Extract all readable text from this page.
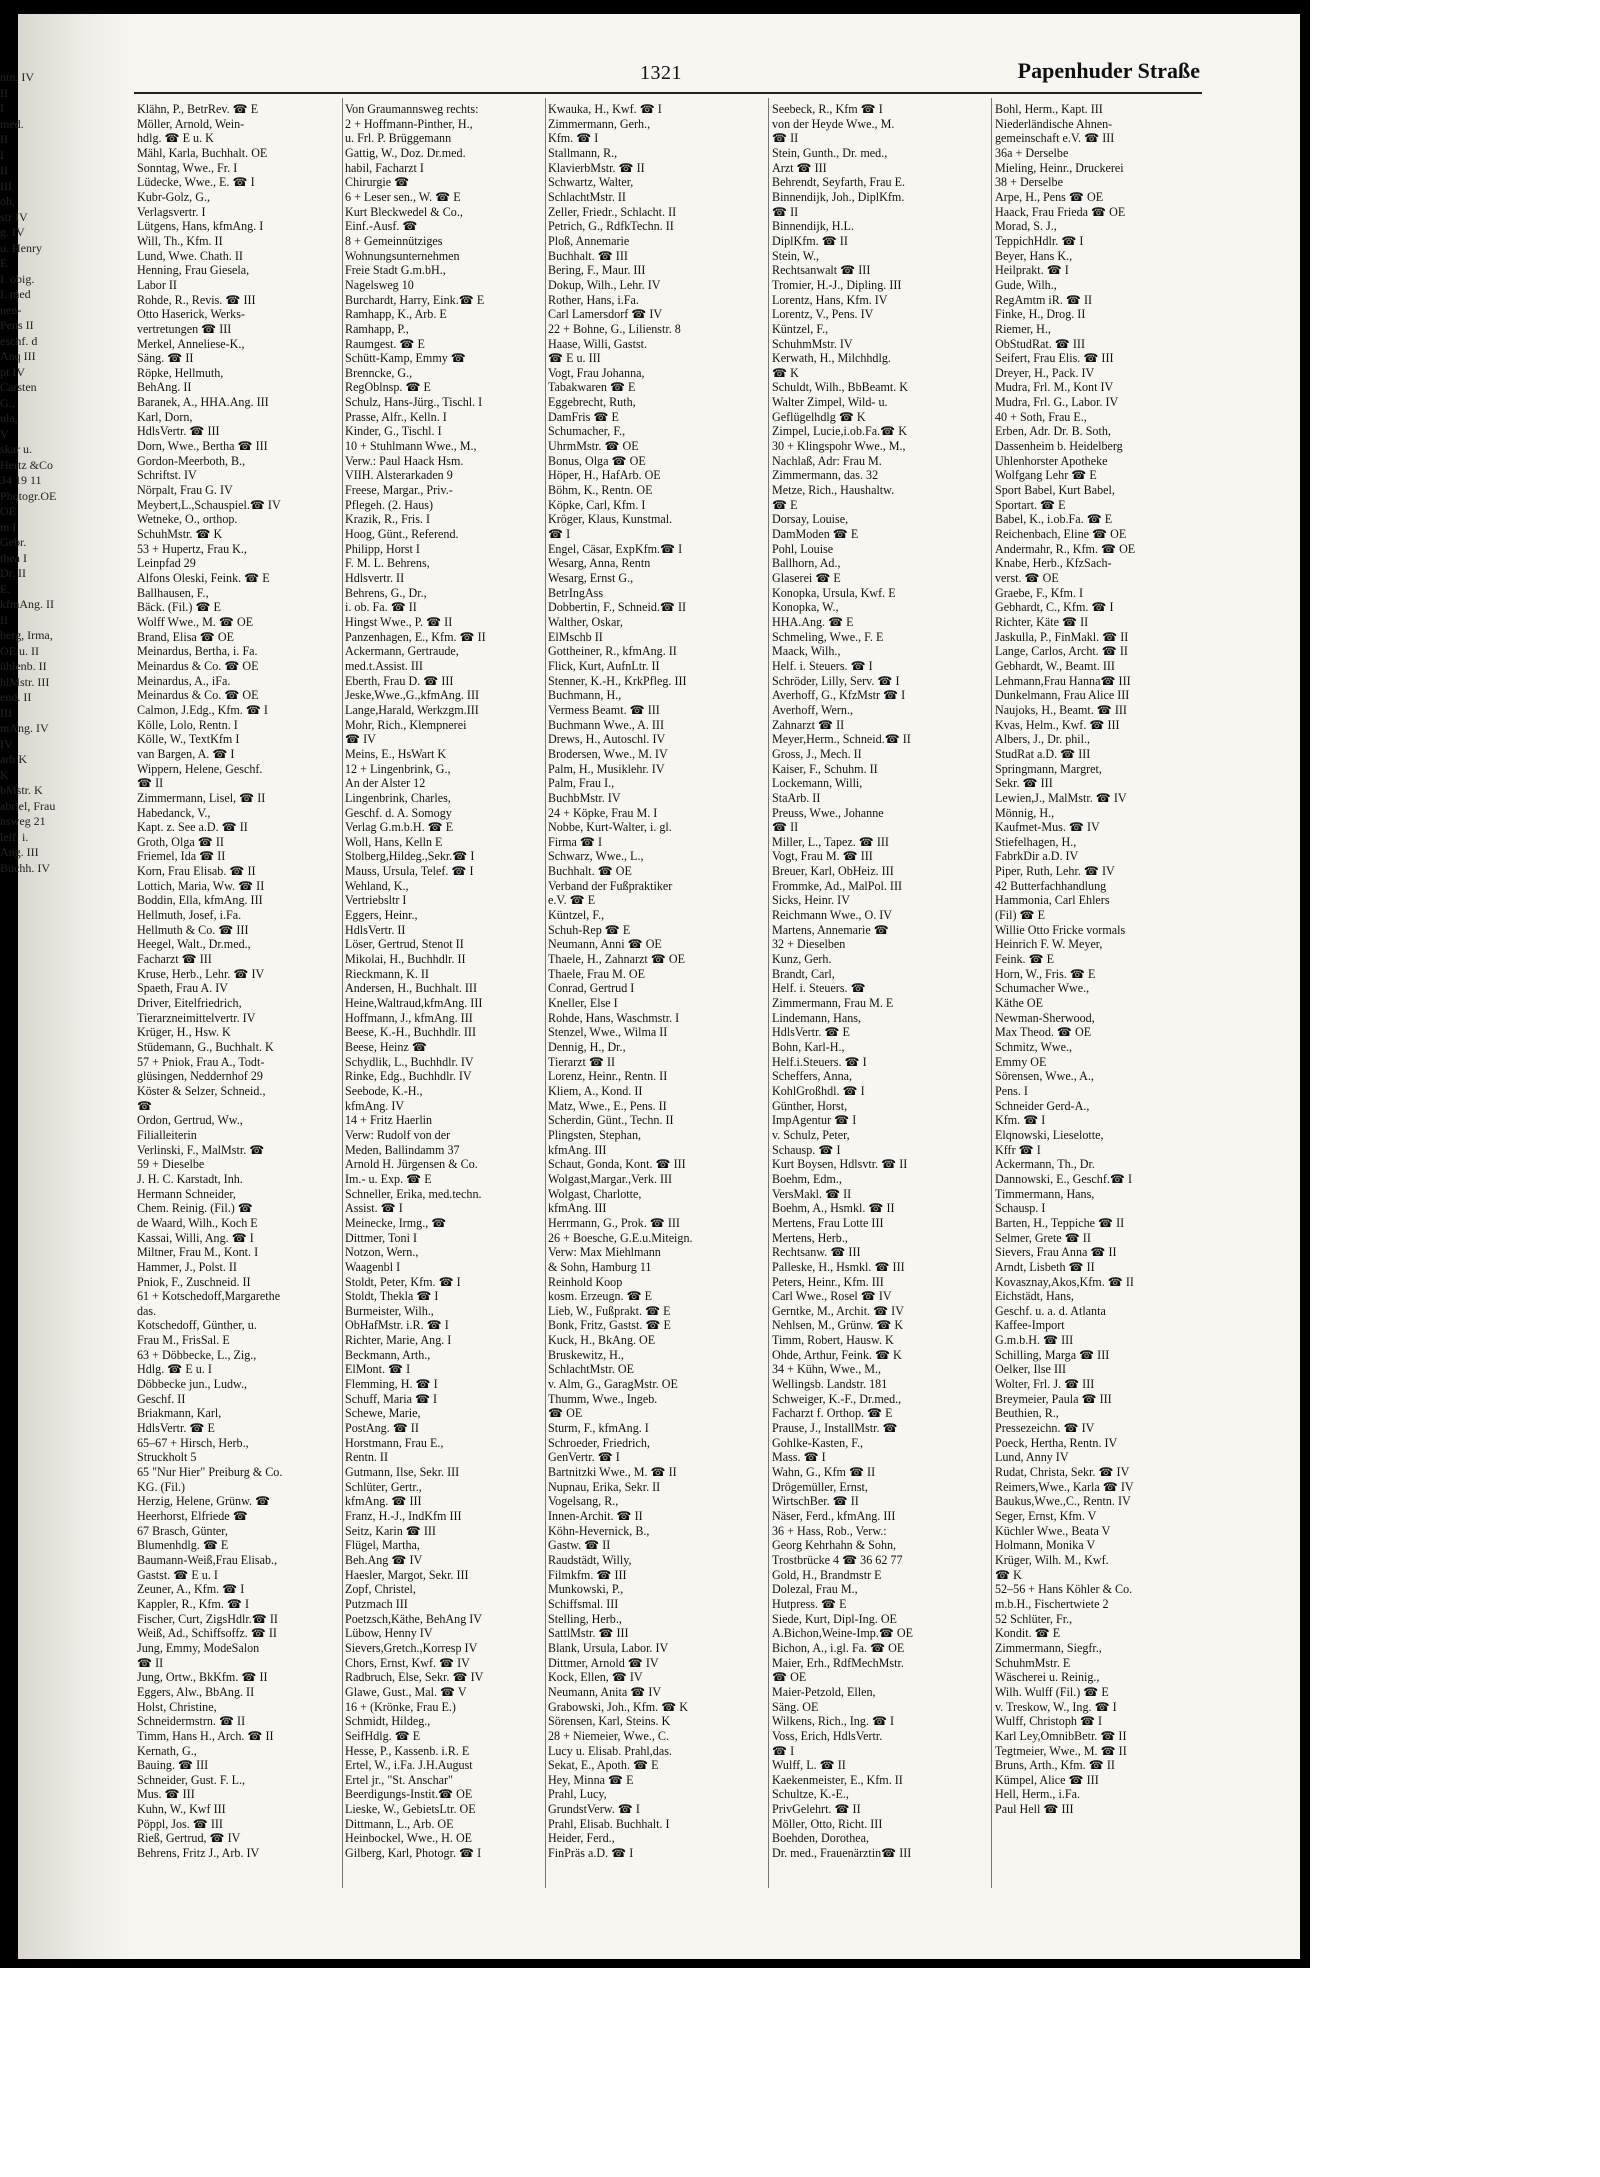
ntn. IV
II
I
med.
II
I
II
III
oh,
str IV
g. IV
u. Henry
E
I. obig.
I. med
nen-
Pens II
eschf. d
Anq III
pt IV
Carsten
G.,
ula,
V
skar u.
Hertz &Co
34 19 11
Photogr.OE
OE
m I
Gebr.
thea I
Dr. II
E.
kfmAng. II
II
berg, Irma,
OE u. II
ühlenb. II
hlMstr. III
end. II
III
mAng. IV
IV
arb K
K
bMstr. K
abriel, Frau
nsweg 21
lelf. i.
Ang. III
Buchh. IV
1321	Papenhuder Straße
Klähn, P., BetrRev. ☎ E
Möller, Arnold, Wein-
hdlg. ☎ E u. K
Mähl, Karla, Buchhalt. OE
Sonntag, Wwe., Fr. I
Lüdecke, Wwe., E. ☎ I
Kubr-Golz, G.,
Verlagsvertr. I
Lütgens, Hans, kfmAng. I
Will, Th., Kfm. II
Lund, Wwe. Chath. II
Henning, Frau Giesela,
Labor II
Rohde, R., Revis. ☎ III
Otto Haserick, Werks-
vertretungen ☎ III
Merkel, Anneliese-K.,
Säng. ☎ II
Röpke, Hellmuth,
BehAng. II
Baranek, A., HHA.Ang. III
Karl, Dorn,
HdlsVertr. ☎ III
Dorn, Wwe., Bertha ☎ III
Gordon-Meerboth, B.,
Schriftst. IV
Nörpalt, Frau G. IV
Meybert,L.,Schauspiel.☎ IV
Wetneke, O., orthop.
SchuhMstr. ☎ K
53 + Hupertz, Frau K.,
Leinpfad 29
Alfons Oleski, Feink. ☎ E
Ballhausen, F.,
Bäck. (Fil.) ☎ E
Wolff Wwe., M. ☎ OE
Brand, Elisa ☎ OE
Meinardus, Bertha, i. Fa.
Meinardus & Co. ☎ OE
Meinardus, A., iFa.
Meinardus & Co. ☎ OE
Calmon, J.Edg., Kfm. ☎ I
Kölle, Lolo, Rentn. I
Kölle, W., TextKfm I
van Bargen, A. ☎ I
Wippern, Helene, Geschf.
☎ II
Zimmermann, Lisel, ☎ II
Habedanck, V.,
Kapt. z. See a.D. ☎ II
Groth, Olga ☎ II
Friemel, Ida ☎ II
Korn, Frau Elisab. ☎ II
Lottich, Maria, Ww. ☎ II
Boddin, Ella, kfmAng. III
Hellmuth, Josef, i.Fa.
Hellmuth & Co. ☎ III
Heegel, Walt., Dr.med.,
Facharzt ☎ III
Kruse, Herb., Lehr. ☎ IV
Spaeth, Frau A. IV
Driver, Eitelfriedrich,
Tierarzneimittelvertr. IV
Krüger, H., Hsw. K
Stüdemann, G., Buchhalt. K
57 + Pniok, Frau A., Todt-
glüsingen, Neddernhof 29
Köster & Selzer, Schneid.,
☎
Ordon, Gertrud, Ww.,
Filialleiterin
Verlinski, F., MalMstr. ☎
59 + Dieselbe
J. H. C. Karstadt, Inh.
Hermann Schneider,
Chem. Reinig. (Fil.) ☎
de Waard, Wilh., Koch E
Kassai, Willi, Ang. ☎ I
Miltner, Frau M., Kont. I
Hammer, J., Polst. II
Pniok, F., Zuschneid. II
61 + Kotschedoff,Margarethe
das.
Kotschedoff, Günther, u.
Frau M., FrisSal. E
63 + Döbbecke, L., Zig.,
Hdlg. ☎ E u. I
Döbbecke jun., Ludw.,
Geschf. II
Briakmann, Karl,
HdlsVertr. ☎ E
65–67 + Hirsch, Herb.,
Struckholt 5
65 "Nur Hier" Preiburg & Co.
KG. (Fil.)
Herzig, Helene, Grünw. ☎
Heerhorst, Elfriede ☎
67 Brasch, Günter,
Blumenhdlg. ☎ E
Baumann-Weiß,Frau Elisab.,
Gastst. ☎ E u. I
Zeuner, A., Kfm. ☎ I
Kappler, R., Kfm. ☎ I
Fischer, Curt, ZigsHdlr.☎ II
Weiß, Ad., Schiffsoffz. ☎ II
Jung, Emmy, ModeSalon
☎ II
Jung, Ortw., BkKfm. ☎ II
Eggers, Alw., BbAng. II
Holst, Christine,
Schneidermstrn. ☎ II
Timm, Hans H., Arch. ☎ II
Kernath, G.,
Bauing. ☎ III
Schneider, Gust. F. L.,
Mus. ☎ III
Kuhn, W., Kwf III
Pöppl, Jos. ☎ III
Rieß, Gertrud, ☎ IV
Behrens, Fritz J., Arb. IV
Von Graumannsweg rechts:
2 + Hoffmann-Pinther, H.,
u. Frl. P. Brüggemann
Gattig, W., Doz. Dr.med.
habil, Facharzt I
Chirurgie ☎
6 + Leser sen., W. ☎ E
Kurt Bleckwedel & Co.,
Einf.-Ausf. ☎
8 + Gemeinnütziges
Wohnungsunternehmen
Freie Stadt G.m.bH.,
Nagelsweg 10
Burchardt, Harry, Eink.☎ E
Ramhapp, K., Arb. E
Ramhapp, P.,
Raumgest. ☎ E
Schütt-Kamp, Emmy ☎
Brenncke, G.,
RegOblnsp. ☎ E
Schulz, Hans-Jürg., Tischl. I
Prasse, Alfr., Kelln. I
Kinder, G., Tischl. I
10 + Stuhlmann Wwe., M.,
Verw.: Paul Haack Hsm.
VIIH. Alsterarkaden 9
Freese, Margar., Priv.-
Pflegeh. (2. Haus)
Krazik, R., Fris. I
Hoog, Günt., Referend.
Philipp, Horst I
F. M. L. Behrens,
Hdlsvertr. II
Behrens, G., Dr.,
i. ob. Fa. ☎ II
Hingst Wwe., P. ☎ II
Panzenhagen, E., Kfm. ☎ II
Ackermann, Gertraude,
med.t.Assist. III
Eberth, Frau D. ☎ III
Jeske,Wwe.,G.,kfmAng. III
Lange,Harald, Werkzgm.III
Mohr, Rich., Klempnerei
☎ IV
Meins, E., HsWart K
12 + Lingenbrink, G.,
An der Alster 12
Lingenbrink, Charles,
Geschf. d. A. Somogy
Verlag G.m.b.H. ☎ E
Woll, Hans, Kelln E
Stolberg,Hildeg.,Sekr.☎ I
Mauss, Ursula, Telef. ☎ I
Wehland, K.,
Vertriebsltr I
Eggers, Heinr.,
HdlsVertr. II
Löser, Gertrud, Stenot II
Mikolai, H., Buchhdlr. II
Rieckmann, K. II
Andersen, H., Buchhalt. III
Heine,Waltraud,kfmAng. III
Hoffmann, J., kfmAng. III
Beese, K.-H., Buchhdlr. III
Beese, Heinz ☎
Schydlik, L., Buchhdlr. IV
Rinke, Edg., Buchhdlr. IV
Seebode, K.-H.,
kfmAng. IV
14 + Fritz Haerlin
Verw: Rudolf von der
Meden, Ballindamm 37
Arnold H. Jürgensen & Co.
Im.- u. Exp. ☎ E
Schneller, Erika, med.techn.
Assist. ☎ I
Meinecke, Irmg., ☎
Dittmer, Toni I
Notzon, Wern.,
Waagenbl I
Stoldt, Peter, Kfm. ☎ I
Stoldt, Thekla ☎ I
Burmeister, Wilh.,
ObHafMstr. i.R. ☎ I
Richter, Marie, Ang. I
Beckmann, Arth.,
ElMont. ☎ I
Flemming, H. ☎ I
Schuff, Maria ☎ I
Schewe, Marie,
PostAng. ☎ II
Horstmann, Frau E.,
Rentn. II
Gutmann, Ilse, Sekr. III
Schlüter, Gertr.,
kfmAng. ☎ III
Franz, H.-J., IndKfm III
Seitz, Karin ☎ III
Flügel, Martha,
Beh.Ang ☎ IV
Haesler, Margot, Sekr. III
Zopf, Christel,
Putzmach III
Poetzsch,Käthe, BehAng IV
Lübow, Henny IV
Sievers,Gretch.,Korresp IV
Chors, Ernst, Kwf. ☎ IV
Radbruch, Else, Sekr. ☎ IV
Glawe, Gust., Mal. ☎ V
16 + (Krönke, Frau E.)
Schmidt, Hildeg.,
SeifHdlg. ☎ E
Hesse, P., Kassenb. i.R. E
Ertel, W., i.Fa. J.H.August
Ertel jr., "St. Anschar"
Beerdigungs-Instit.☎ OE
Lieske, W., GebietsLtr. OE
Dittmann, L., Arb. OE
Heinbockel, Wwe., H. OE
Gilberg, Karl, Photogr. ☎ I
Kwauka, H., Kwf. ☎ I
Zimmermann, Gerh.,
Kfm. ☎ I
Stallmann, R.,
KlavierbMstr. ☎ II
Schwartz, Walter,
SchlachtMstr. II
Zeller, Friedr., Schlacht. II
Petrich, G., RdfkTechn. II
Ploß, Annemarie
Buchhalt. ☎ III
Bering, F., Maur. III
Dokup, Wilh., Lehr. IV
Rother, Hans, i.Fa.
Carl Lamersdorf ☎ IV
22 + Bohne, G., Lilienstr. 8
Haase, Willi, Gastst.
☎ E u. III
Vogt, Frau Johanna,
Tabakwaren ☎ E
Eggebrecht, Ruth,
DamFris ☎ E
Schumacher, F.,
UhrmMstr. ☎ OE
Bonus, Olga ☎ OE
Höper, H., HafArb. OE
Böhm, K., Rentn. OE
Köpke, Carl, Kfm. I
Kröger, Klaus, Kunstmal.
☎ I
Engel, Cäsar, ExpKfm.☎ I
Wesarg, Anna, Rentn
Wesarg, Ernst G.,
BetrIngAss
Dobbertin, F., Schneid.☎ II
Walther, Oskar,
ElMschb II
Gottheiner, R., kfmAng. II
Flick, Kurt, AufnLtr. II
Stenner, K.-H., KrkPfleg. III
Buchmann, H.,
Vermess Beamt. ☎ III
Buchmann Wwe., A. III
Drews, H., Autoschl. IV
Brodersen, Wwe., M. IV
Palm, H., Musiklehr. IV
Palm, Frau I.,
BuchbMstr. IV
24 + Köpke, Frau M. I
Nobbe, Kurt-Walter, i. gl.
Firma ☎ I
Schwarz, Wwe., L.,
Buchhalt. ☎ OE
Verband der Fußpraktiker
e.V. ☎ E
Küntzel, F.,
Schuh-Rep ☎ E
Neumann, Anni ☎ OE
Thaele, H., Zahnarzt ☎ OE
Thaele, Frau M. OE
Conrad, Gertrud I
Kneller, Else I
Rohde, Hans, Waschmstr. I
Stenzel, Wwe., Wilma II
Dennig, H., Dr.,
Tierarzt ☎ II
Lorenz, Heinr., Rentn. II
Kliem, A., Kond. II
Matz, Wwe., E., Pens. II
Scherdin, Günt., Techn. II
Plingsten, Stephan,
kfmAng. III
Schaut, Gonda, Kont. ☎ III
Wolgast,Margar.,Verk. III
Wolgast, Charlotte,
kfmAng. III
Herrmann, G., Prok. ☎ III
26 + Boesche, G.E.u.Miteign.
Verw: Max Miehlmann
& Sohn, Hamburg 11
Reinhold Koop
kosm. Erzeugn. ☎ E
Lieb, W., Fußprakt. ☎ E
Bonk, Fritz, Gastst. ☎ E
Kuck, H., BkAng. OE
Bruskewitz, H.,
SchlachtMstr. OE
v. Alm, G., GaragMstr. OE
Thumm, Wwe., Ingeb.
☎ OE
Sturm, F., kfmAng. I
Schroeder, Friedrich,
GenVertr. ☎ I
Bartnitzki Wwe., M. ☎ II
Nupnau, Erika, Sekr. II
Vogelsang, R.,
Innen-Archit. ☎ II
Köhn-Hevernick, B.,
Gastw. ☎ II
Raudstädt, Willy,
Filmkfm. ☎ III
Munkowski, P.,
Schiffsmal. III
Stelling, Herb.,
SattlMstr. ☎ III
Blank, Ursula, Labor. IV
Dittmer, Arnold ☎ IV
Kock, Ellen, ☎ IV
Neumann, Anita ☎ IV
Grabowski, Joh., Kfm. ☎ K
Sörensen, Karl, Steins. K
28 + Niemeier, Wwe., C.
Lucy u. Elisab. Prahl,das.
Sekat, E., Apoth. ☎ E
Hey, Minna ☎ E
Prahl, Lucy,
GrundstVerw. ☎ I
Prahl, Elisab. Buchhalt. I
Heider, Ferd.,
FinPräs a.D. ☎ I
Seebeck, R., Kfm ☎ I
von der Heyde Wwe., M.
☎ II
Stein, Gunth., Dr. med.,
Arzt ☎ III
Behrendt, Seyfarth, Frau E.
Binnendijk, Joh., DiplKfm.
☎ II
Binnendijk, H.L.
DiplKfm. ☎ II
Stein, W.,
Rechtsanwalt ☎ III
Tromier, H.-J., Dipling. III
Lorentz, Hans, Kfm. IV
Lorentz, V., Pens. IV
Küntzel, F.,
SchuhmMstr. IV
Kerwath, H., Milchhdlg.
☎ K
Schuldt, Wilh., BbBeamt. K
Walter Zimpel, Wild- u.
Geflügelhdlg ☎ K
Zimpel, Lucie,i.ob.Fa.☎ K
30 + Klingspohr Wwe., M.,
Nachlaß, Adr: Frau M.
Zimmermann, das. 32
Metze, Rich., Haushaltw.
☎ E
Dorsay, Louise,
DamModen ☎ E
Pohl, Louise
Ballhorn, Ad.,
Glaserei ☎ E
Konopka, Ursula, Kwf. E
Konopka, W.,
HHA.Ang. ☎ E
Schmeling, Wwe., F. E
Maack, Wilh.,
Helf. i. Steuers. ☎ I
Schröder, Lilly, Serv. ☎ I
Averhoff, G., KfzMstr ☎ I
Averhoff, Wern.,
Zahnarzt ☎ II
Meyer,Herm., Schneid.☎ II
Gross, J., Mech. II
Kaiser, F., Schuhm. II
Lockemann, Willi,
StaArb. II
Preuss, Wwe., Johanne
☎ II
Miller, L., Tapez. ☎ III
Vogt, Frau M. ☎ III
Breuer, Karl, ObHeiz. III
Frommke, Ad., MalPol. III
Sicks, Heinr. IV
Reichmann Wwe., O. IV
Martens, Annemarie ☎
32 + Dieselben
Kunz, Gerh.
Brandt, Carl,
Helf. i. Steuers. ☎
Zimmermann, Frau M. E
Lindemann, Hans,
HdlsVertr. ☎ E
Bohn, Karl-H.,
Helf.i.Steuers. ☎ I
Scheffers, Anna,
KohlGroßhdl. ☎ I
Günther, Horst,
ImpAgentur ☎ I
v. Schulz, Peter,
Schausp. ☎ I
Kurt Boysen, Hdlsvtr. ☎ II
Boehm, Edm.,
VersMakl. ☎ II
Boehm, A., Hsmkl. ☎ II
Mertens, Frau Lotte III
Mertens, Herb.,
Rechtsanw. ☎ III
Palleske, H., Hsmkl. ☎ III
Peters, Heinr., Kfm. III
Carl Wwe., Rosel ☎ IV
Gerntke, M., Archit. ☎ IV
Nehlsen, M., Grünw. ☎ K
Timm, Robert, Hausw. K
Ohde, Arthur, Feink. ☎ K
34 + Kühn, Wwe., M.,
Wellingsb. Landstr. 181
Schweiger, K.-F., Dr.med.,
Facharzt f. Orthop. ☎ E
Prause, J., InstallMstr. ☎
Gohlke-Kasten, F.,
Mass. ☎ I
Wahn, G., Kfm ☎ II
Drögemüller, Ernst,
WirtschBer. ☎ II
Näser, Ferd., kfmAng. III
36 + Hass, Rob., Verw.:
Georg Kehrhahn & Sohn,
Trostbrücke 4 ☎ 36 62 77
Gold, H., Brandmstr E
Dolezal, Frau M.,
Hutpress. ☎ E
Siede, Kurt, Dipl-Ing. OE
A.Bichon,Weine-Imp.☎ OE
Bichon, A., i.gl. Fa. ☎ OE
Maier, Erh., RdfMechMstr.
☎ OE
Maier-Petzold, Ellen,
Säng. OE
Wilkens, Rich., Ing. ☎ I
Voss, Erich, HdlsVertr.
☎ I
Wulff, L. ☎ II
Kaekenmeister, E., Kfm. II
Schultze, K.-E.,
PrivGelehrt. ☎ II
Möller, Otto, Richt. III
Boehden, Dorothea,
Dr. med., Frauenärztin☎ III
Bohl, Herm., Kapt. III
Niederländische Ahnen-
gemeinschaft e.V. ☎ III
36a + Derselbe
Mieling, Heinr., Druckerei
38 + Derselbe
Arpe, H., Pens ☎ OE
Haack, Frau Frieda ☎ OE
Morad, S. J.,
TeppichHdlr. ☎ I
Beyer, Hans K.,
Heilprakt. ☎ I
Gude, Wilh.,
RegAmtm iR. ☎ II
Finke, H., Drog. II
Riemer, H.,
ObStudRat. ☎ III
Seifert, Frau Elis. ☎ III
Dreyer, H., Pack. IV
Mudra, Frl. M., Kont IV
Mudra, Frl. G., Labor. IV
40 + Soth, Frau E.,
Erben, Adr. Dr. B. Soth,
Dassenheim b. Heidelberg
Uhlenhorster Apotheke
Wolfgang Lehr ☎ E
Sport Babel, Kurt Babel,
Sportart. ☎ E
Babel, K., i.ob.Fa. ☎ E
Reichenbach, Eline ☎ OE
Andermahr, R., Kfm. ☎ OE
Knabe, Herb., KfzSach-
verst. ☎ OE
Graebe, F., Kfm. I
Gebhardt, C., Kfm. ☎ I
Richter, Käte ☎ II
Jaskulla, P., FinMakl. ☎ II
Lange, Carlos, Archt. ☎ II
Gebhardt, W., Beamt. III
Lehmann,Frau Hanna☎ III
Dunkelmann, Frau Alice III
Naujoks, H., Beamt. ☎ III
Kvas, Helm., Kwf. ☎ III
Albers, J., Dr. phil.,
StudRat a.D. ☎ III
Springmann, Margret,
Sekr. ☎ III
Lewien,J., MalMstr. ☎ IV
Mönnig, H.,
Kaufmet-Mus. ☎ IV
Stiefelhagen, H.,
FabrkDir a.D. IV
Piper, Ruth, Lehr. ☎ IV
42 Butterfachhandlung
Hammonia, Carl Ehlers
(Fil) ☎ E
Willie Otto Fricke vormals
Heinrich F. W. Meyer,
Feink. ☎ E
Horn, W., Fris. ☎ E
Schumacher Wwe.,
Käthe OE
Newman-Sherwood,
Max Theod. ☎ OE
Schmitz, Wwe.,
Emmy OE
Sörensen, Wwe., A.,
Pens. I
Schneider Gerd-A.,
Kfm. ☎ I
Elqnowski, Lieselotte,
Kffr ☎ I
Ackermann, Th., Dr.
Dannowski, E., Geschf.☎ I
Timmermann, Hans,
Schausp. I
Barten, H., Teppiche ☎ II
Selmer, Grete ☎ II
Sievers, Frau Anna ☎ II
Arndt, Lisbeth ☎ II
Kovasznay,Akos,Kfm. ☎ II
Eichstädt, Hans,
Geschf. u. a. d. Atlanta
Kaffee-Import
G.m.b.H. ☎ III
Schilling, Marga ☎ III
Oelker, Ilse III
Wolter, Frl. J. ☎ III
Breymeier, Paula ☎ III
Beuthien, R.,
Pressezeichn. ☎ IV
Poeck, Hertha, Rentn. IV
Lund, Anny IV
Rudat, Christa, Sekr. ☎ IV
Reimers,Wwe., Karla ☎ IV
Baukus,Wwe.,C., Rentn. IV
Seger, Ernst, Kfm. V
Küchler Wwe., Beata V
Holmann, Monika V
Krüger, Wilh. M., Kwf.
☎ K
52–56 + Hans Köhler & Co.
m.b.H., Fischertwiete 2
52 Schlüter, Fr.,
Kondit. ☎ E
Zimmermann, Siegfr.,
SchuhmMstr. E
Wäscherei u. Reinig.,
Wilh. Wulff (Fil.) ☎ E
v. Treskow, W., Ing. ☎ I
Wulff, Christoph ☎ I
Karl Ley,OmnibBetr. ☎ II
Tegtmeier, Wwe., M. ☎ II
Bruns, Arth., Kfm. ☎ II
Kümpel, Alice ☎ III
Hell, Herm., i.Fa.
Paul Hell ☎ III
